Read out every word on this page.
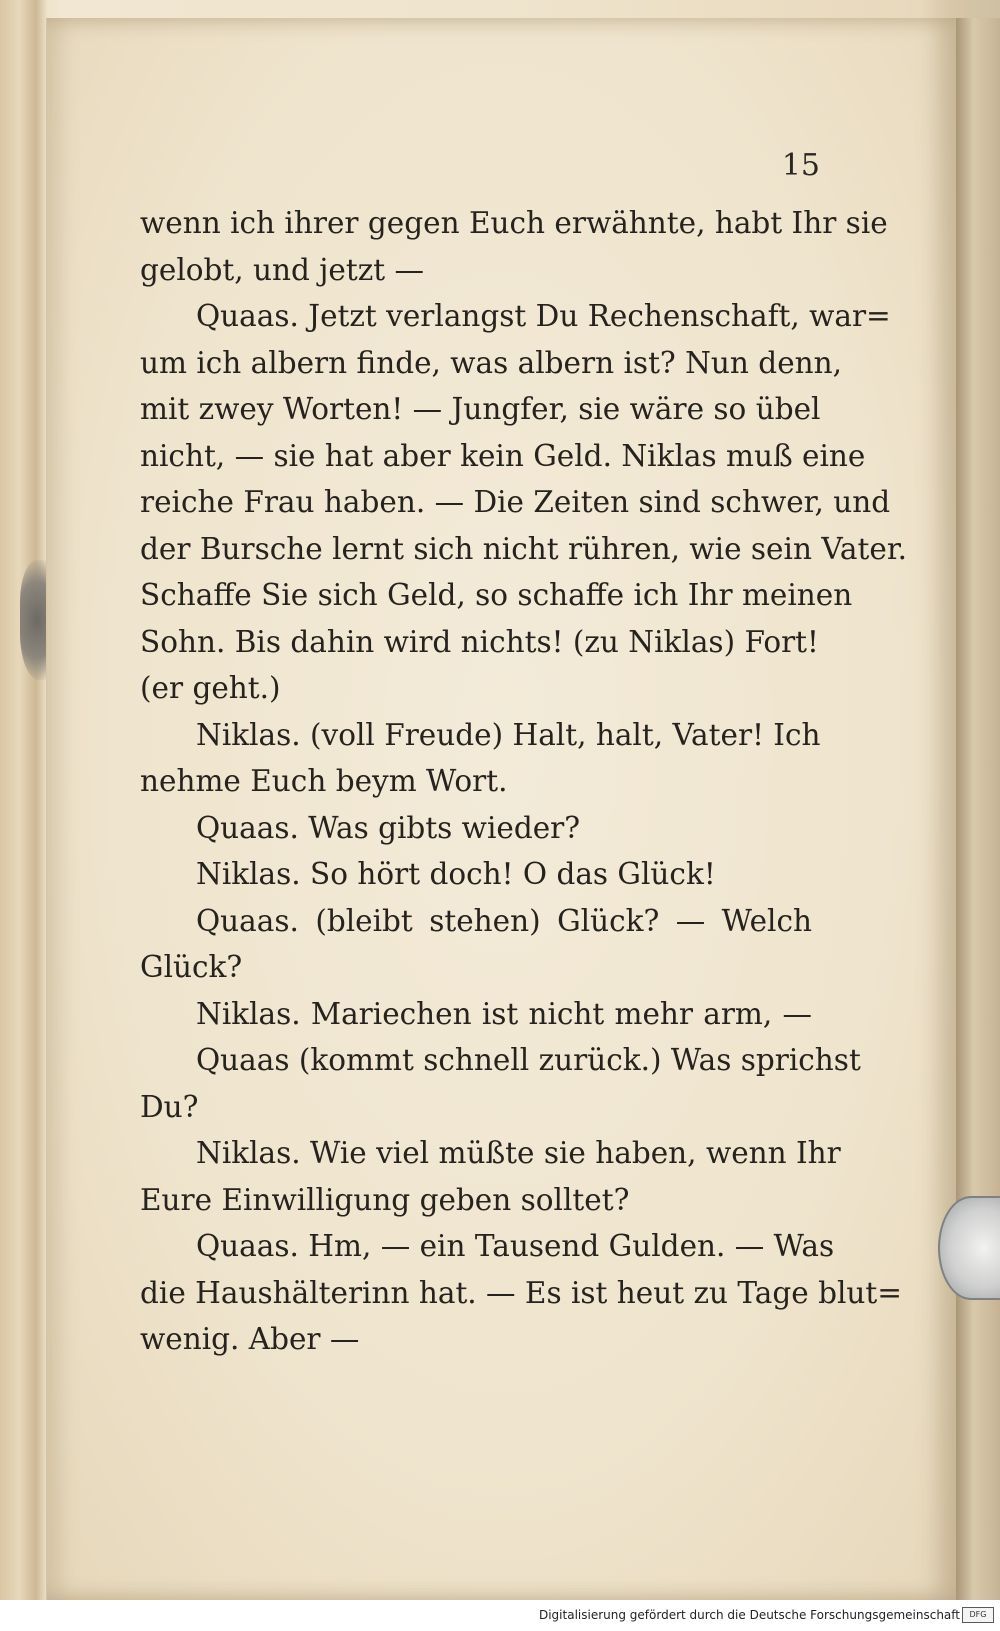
15
wenn ich ihrer gegen Euch erwähnte, habt Ihr sie
gelobt, und jetzt —
Quaas. Jetzt verlangst Du Rechenschaft, war=
um ich albern finde, was albern ist? Nun denn,
mit zwey Worten! — Jungfer, sie wäre so übel
nicht, — sie hat aber kein Geld. Niklas muß eine
reiche Frau haben. — Die Zeiten sind schwer, und
der Bursche lernt sich nicht rühren, wie sein Vater.
Schaffe Sie sich Geld, so schaffe ich Ihr meinen
Sohn. Bis dahin wird nichts! (zu Niklas) Fort!
(er geht.)
Niklas. (voll Freude) Halt, halt, Vater! Ich
nehme Euch beym Wort.
Quaas. Was gibts wieder?
Niklas. So hört doch! O das Glück!
Quaas. (bleibt stehen) Glück? — Welch
Glück?
Niklas. Mariechen ist nicht mehr arm, —
Quaas (kommt schnell zurück.) Was sprichst
Du?
Niklas. Wie viel müßte sie haben, wenn Ihr
Eure Einwilligung geben solltet?
Quaas. Hm, — ein Tausend Gulden. — Was
die Haushälterinn hat. — Es ist heut zu Tage blut=
wenig. Aber —
Digitalisierung gefördert durch die Deutsche Forschungsgemeinschaft	DFG
